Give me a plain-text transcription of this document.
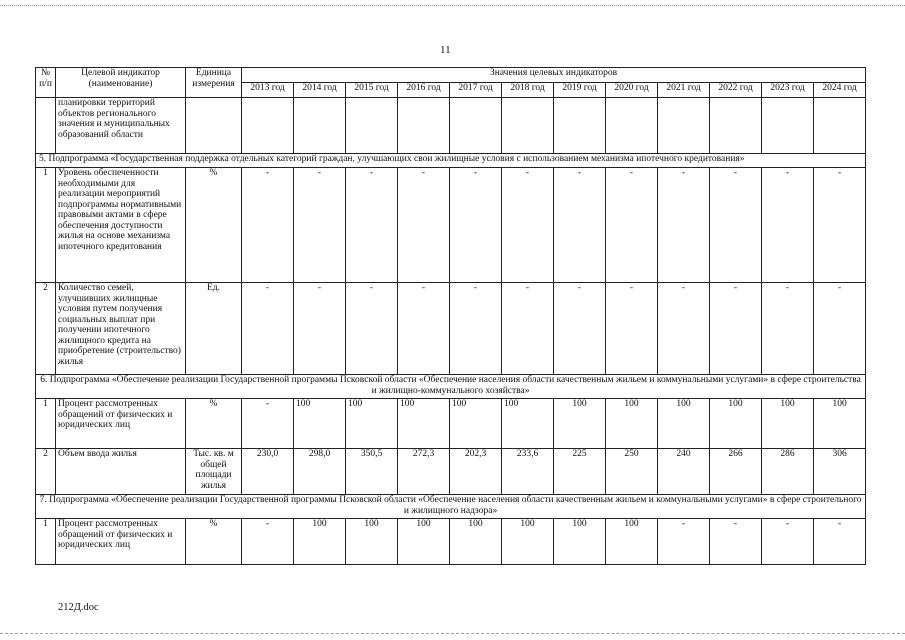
11
№ п/п	Целевой индикатор (наименование)	Единица измерения	Значения целевых индикаторов											
			2013 год	2014 год	2015 год	2016 год	2017 год	2018 год	2019 год	2020 год	2021 год	2022 год	2023 год	2024 год
	планировки территорий объектов регионального значения и муниципальных образований области													
5. Подпрограмма «Государственная поддержка отдельных категорий граждан, улучшающих свои жилищные условия с использованием механизма ипотечного кредитования»														
1	Уровень обеспеченности необходимыми для реализации мероприятий подпрограммы нормативными правовыми актами в сфере обеспечения доступности жилья на основе механизма ипотечного кредитования	%	-	-	-	-	-	-	-	-	-	-	-	-
2	Количество семей, улучшивших жилищные условия путем получения социальных выплат при получении ипотечного жилищного кредита на приобретение (строительство) жилья	Ед.	-	-	-	-	-	-	-	-	-	-	-	-
6. Подпрограмма «Обеспечение реализации Государственной программы Псковской области «Обеспечение населения области качественным жильем и коммунальными услугами» в сфере строительства и жилищно-коммунального хозяйства»														
1	Процент рассмотренных обращений от физических и юридических лиц	%	-	100	100	100	100	100	100	100	100	100	100	100
2	Объем ввода жилья	Тыс. кв. м общей площади жилья	230,0	298,0	350,5	272,3	202,3	233,6	225	250	240	266	286	306
7. Подпрограмма «Обеспечение реализации Государственной программы Псковской области «Обеспечение населения области качественным жильем и коммунальными услугами» в сфере строительного и жилищного надзора»														
1	Процент рассмотренных обращений от физических и юридических лиц	%	-	100	100	100	100	100	100	100	-	-	-	-
212Д.doc
